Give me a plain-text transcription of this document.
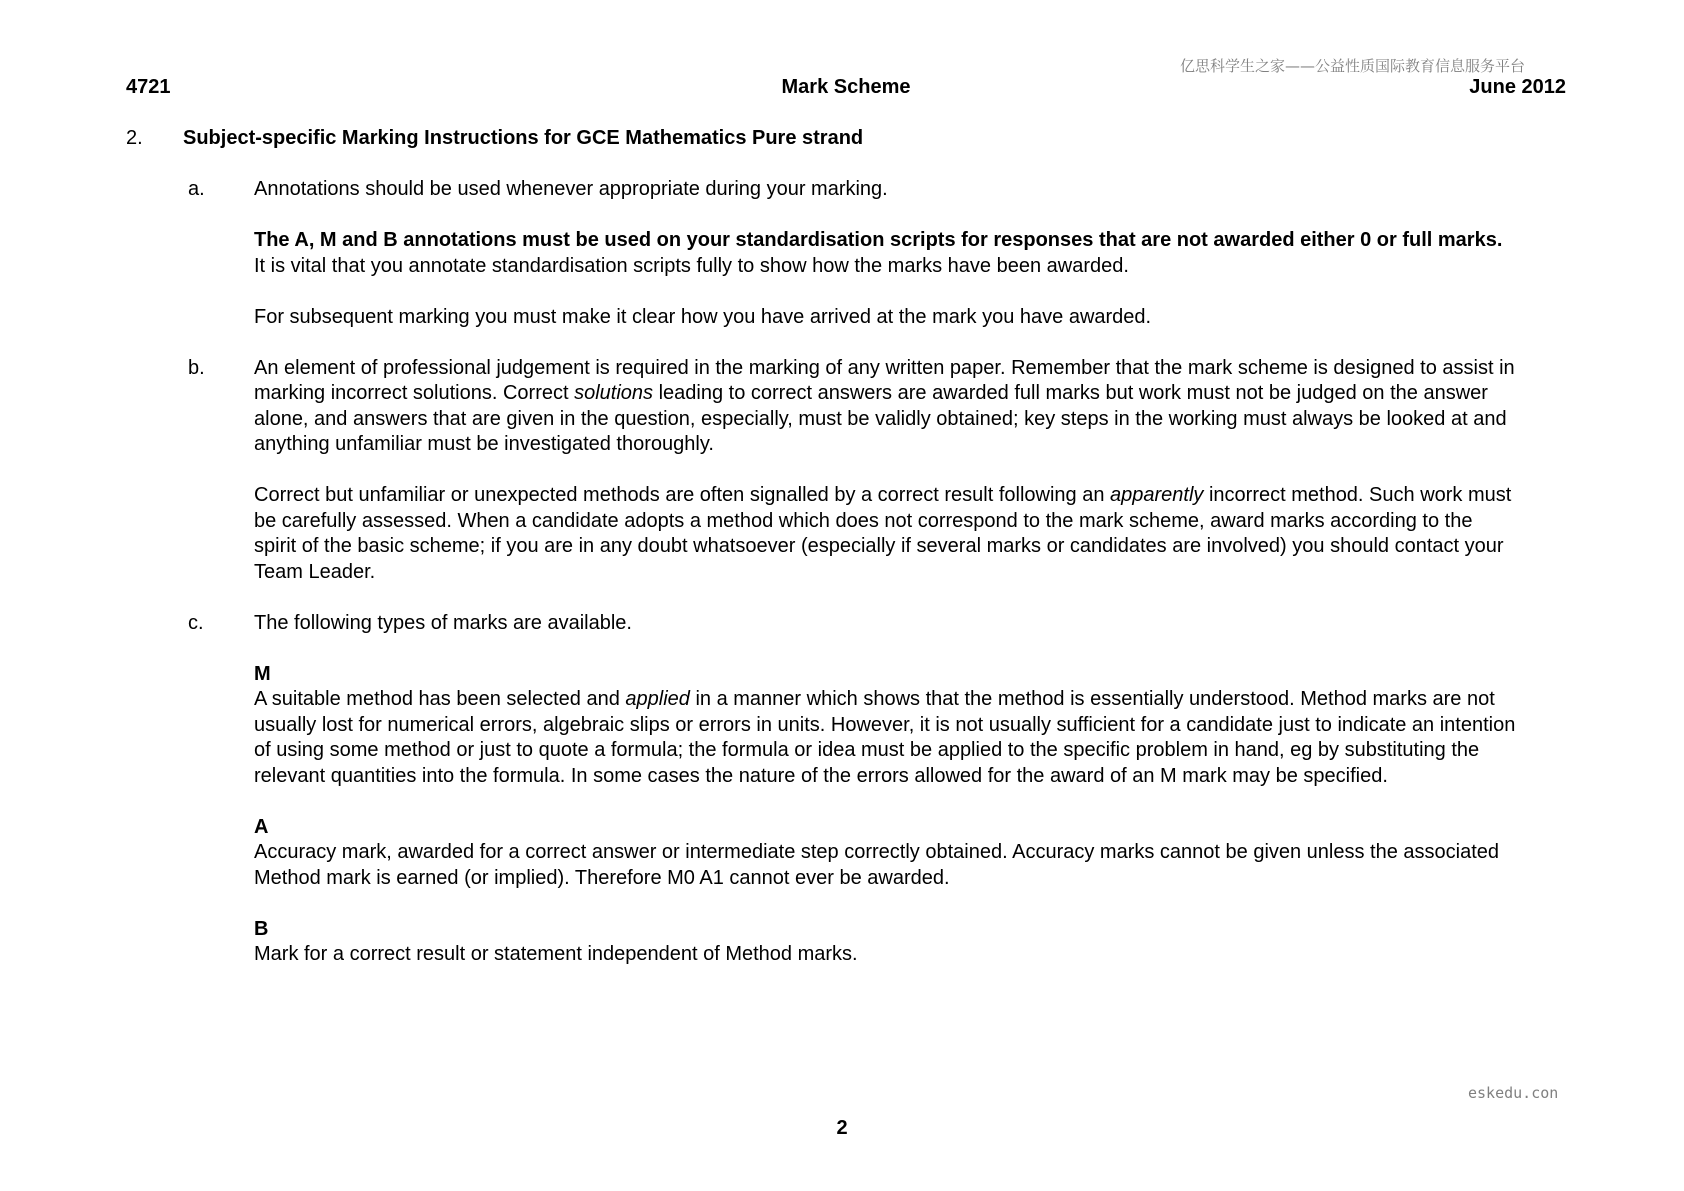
亿思科学生之家——公益性质国际教育信息服务平台
4721	Mark Scheme	June 2012
2. Subject-specific Marking Instructions for GCE Mathematics Pure strand
a.	Annotations should be used whenever appropriate during your marking.

The A, M and B annotations must be used on your standardisation scripts for responses that are not awarded either 0 or full marks. It is vital that you annotate standardisation scripts fully to show how the marks have been awarded.

For subsequent marking you must make it clear how you have arrived at the mark you have awarded.

b.	An element of professional judgement is required in the marking of any written paper. Remember that the mark scheme is designed to assist in marking incorrect solutions. Correct solutions leading to correct answers are awarded full marks but work must not be judged on the answer alone, and answers that are given in the question, especially, must be validly obtained; key steps in the working must always be looked at and anything unfamiliar must be investigated thoroughly.

Correct but unfamiliar or unexpected methods are often signalled by a correct result following an apparently incorrect method. Such work must be carefully assessed. When a candidate adopts a method which does not correspond to the mark scheme, award marks according to the spirit of the basic scheme; if you are in any doubt whatsoever (especially if several marks or candidates are involved) you should contact your Team Leader.

c.	The following types of marks are available.

M
A suitable method has been selected and applied in a manner which shows that the method is essentially understood. Method marks are not usually lost for numerical errors, algebraic slips or errors in units. However, it is not usually sufficient for a candidate just to indicate an intention of using some method or just to quote a formula; the formula or idea must be applied to the specific problem in hand, eg by substituting the relevant quantities into the formula. In some cases the nature of the errors allowed for the award of an M mark may be specified.
A
Accuracy mark, awarded for a correct answer or intermediate step correctly obtained. Accuracy marks cannot be given unless the associated Method mark is earned (or implied). Therefore M0 A1 cannot ever be awarded.
B
Mark for a correct result or statement independent of Method marks.
eskedu.con
2
